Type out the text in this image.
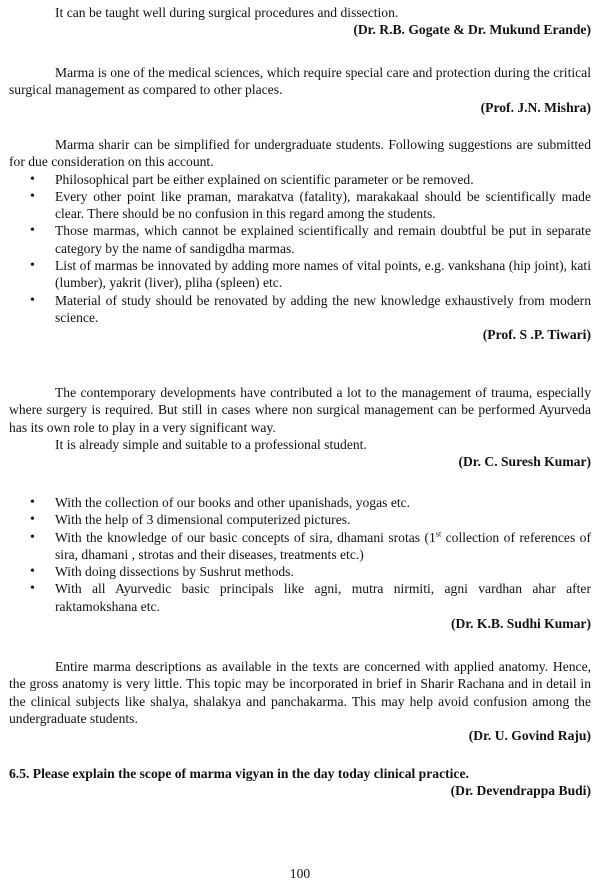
It can be taught well during surgical procedures and dissection.

(Dr. R.B. Gogate & Dr. Mukund Erande)

Marma is one of the medical sciences, which require special care and protection during the critical surgical management as compared to other places.

(Prof. J.N. Mishra)

Marma sharir can be simplified for undergraduate students. Following suggestions are submitted for due consideration on this account.

• Philosophical part be either explained on scientific parameter or be removed.
• Every other point like praman, marakatva (fatality), marakakaal should be scientifically made clear. There should be no confusion in this regard among the students.
• Those marmas, which cannot be explained scientifically and remain doubtful be put in separate category by the name of sandigdha marmas.
• List of marmas be innovated by adding more names of vital points, e.g. vankshana (hip joint), kati (lumber), yakrit (liver), pliha (spleen) etc.
• Material of study should be renovated by adding the new knowledge exhaustively from modern science.

(Prof. S .P. Tiwari)

The contemporary developments have contributed a lot to the management of trauma, especially where surgery is required. But still in cases where non surgical management can be performed Ayurveda has its own role to play in a very significant way.

It is already simple and suitable to a professional student.

(Dr. C. Suresh Kumar)

• With the collection of our books and other upanishads, yogas etc.
• With the help of 3 dimensional computerized pictures.
• With the knowledge of our basic concepts of sira, dhamani srotas (1st collection of references of sira, dhamani , strotas and their diseases, treatments etc.)
• With doing dissections by Sushrut methods.
• With all Ayurvedic basic principals like agni, mutra nirmiti, agni vardhan ahar after raktamokshana etc.

(Dr. K.B. Sudhi Kumar)

Entire marma descriptions as available in the texts are concerned with applied anatomy. Hence, the gross anatomy is very little. This topic may be incorporated in brief in Sharir Rachana and in detail in the clinical subjects like shalya, shalakya and panchakarma. This may help avoid confusion among the undergraduate students.

(Dr. U. Govind Raju)

6.5. Please explain the scope of marma vigyan in the day today clinical practice.

(Dr. Devendrappa Budi)

100
